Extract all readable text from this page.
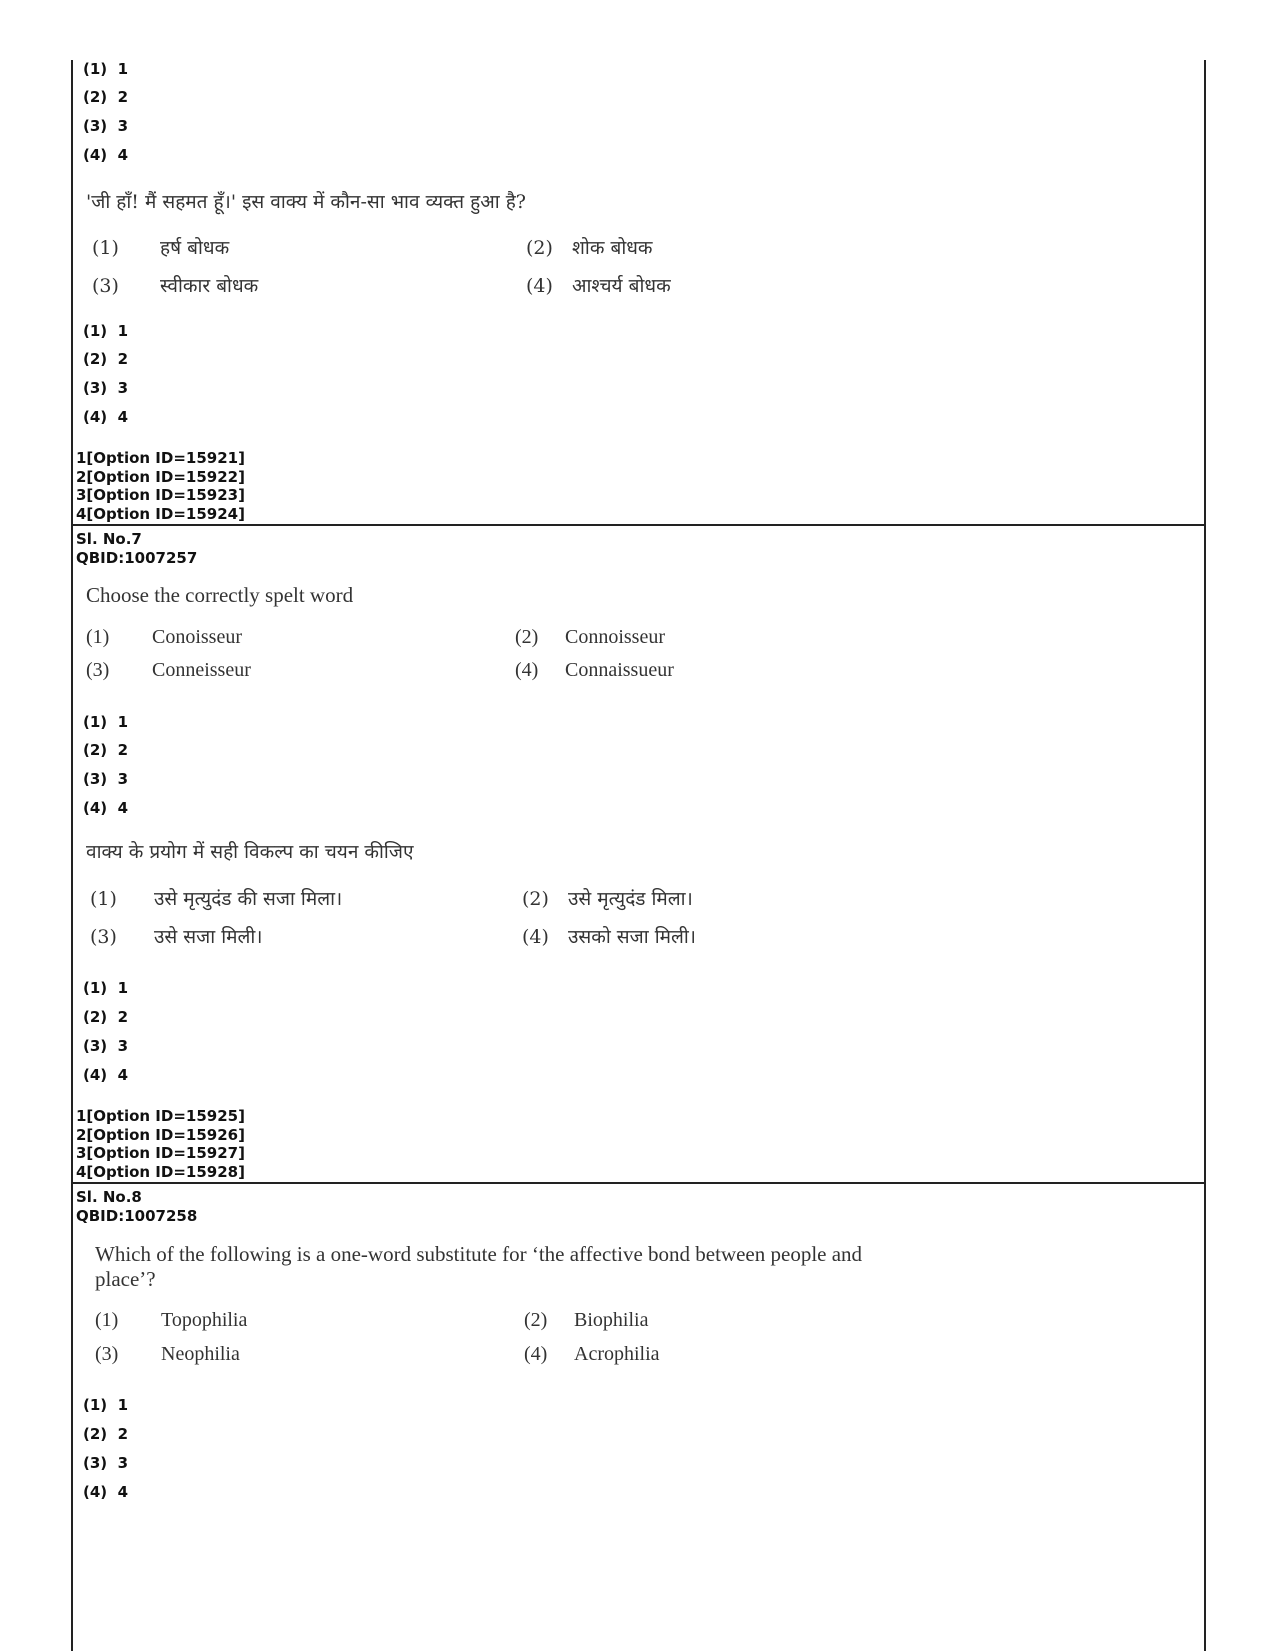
(1)  1
(2)  2
(3)  3
(4)  4
'जी हाँ! मैं सहमत हूँ।' इस वाक्य में कौन-सा भाव व्यक्त हुआ है?
(1) हर्ष बोधक	(2) शोक बोधक
(3) स्वीकार बोधक	(4) आश्चर्य बोधक
(1)  1
(2)  2
(3)  3
(4)  4
1[Option ID=15921]
2[Option ID=15922]
3[Option ID=15923]
4[Option ID=15924]
Sl. No.7
QBID:1007257
Choose the correctly spelt word
(1) Conoisseur	(2) Connoisseur
(3) Conneisseur	(4) Connaissueur
(1)  1
(2)  2
(3)  3
(4)  4
वाक्य के प्रयोग में सही विकल्प का चयन कीजिए
(1) उसे मृत्युदंड की सजा मिला।	(2) उसे मृत्युदंड मिला।
(3) उसे सजा मिली।	(4) उसको सजा मिली।
(1)  1
(2)  2
(3)  3
(4)  4
1[Option ID=15925]
2[Option ID=15926]
3[Option ID=15927]
4[Option ID=15928]
Sl. No.8
QBID:1007258
Which of the following is a one-word substitute for ‘the affective bond between people and
place’?
(1) Topophilia	(2) Biophilia
(3) Neophilia	(4) Acrophilia
(1)  1
(2)  2
(3)  3
(4)  4
